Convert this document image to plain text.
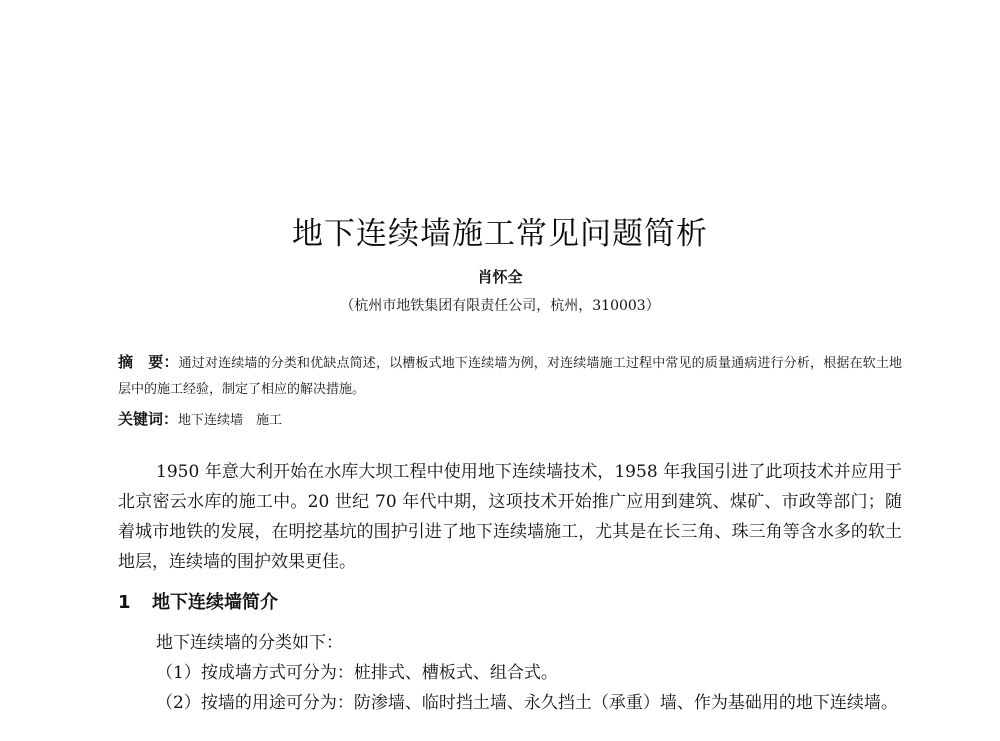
地下连续墙施工常见问题简析
肖怀全
（杭州市地铁集团有限责任公司，杭州，310003）
摘　要：通过对连续墙的分类和优缺点简述，以槽板式地下连续墙为例，对连续墙施工过程中常见的质量通病进行分析，根据在软土地层中的施工经验，制定了相应的解决措施。
关键词：地下连续墙　施工

1950 年意大利开始在水库大坝工程中使用地下连续墙技术，1958 年我国引进了此项技术并应用于北京密云水库的施工中。20 世纪 70 年代中期，这项技术开始推广应用到建筑、煤矿、市政等部门；随着城市地铁的发展，在明挖基坑的围护引进了地下连续墙施工，尤其是在长三角、珠三角等含水多的软土地层，连续墙的围护效果更佳。

1 地下连续墙简介
地下连续墙的分类如下：
（1）按成墙方式可分为：桩排式、槽板式、组合式。
（2）按墙的用途可分为：防渗墙、临时挡土墙、永久挡土（承重）墙、作为基础用的地下连续墙。
